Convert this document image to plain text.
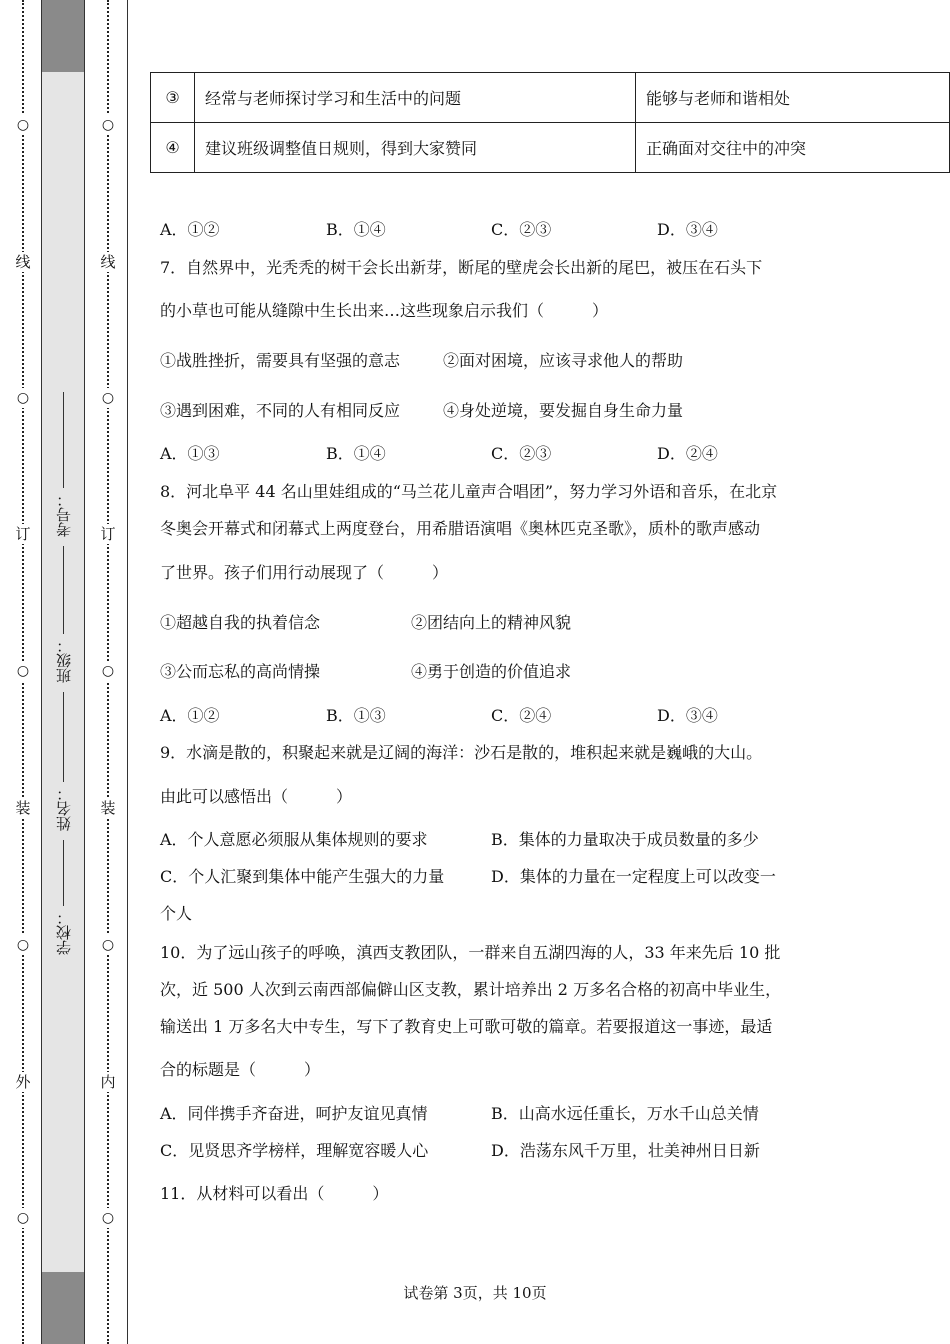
○
线
○
订
○
装
○
外
○
考号：
班级：
姓名：
学校：
○
线
○
订
○
装
○
内
○
③	经常与老师探讨学习和生活中的问题	能够与老师和谐相处
④	建议班级调整值日规则，得到大家赞同	正确面对交往中的冲突
A．①②	B．①④	C．②③	D．③④
7．自然界中，光秃秃的树干会长出新芽，断尾的壁虎会长出新的尾巴，被压在石头下
的小草也可能从缝隙中生长出来…这些现象启示我们（　　　）
①战胜挫折，需要具有坚强的意志	②面对困境，应该寻求他人的帮助
③遇到困难，不同的人有相同反应	④身处逆境，要发掘自身生命力量
A．①③	B．①④	C．②③	D．②④
8．河北阜平 44 名山里娃组成的“马兰花儿童声合唱团”，努力学习外语和音乐，在北京
冬奥会开幕式和闭幕式上两度登台，用希腊语演唱《奥林匹克圣歌》，质朴的歌声感动
了世界。孩子们用行动展现了（　　　）
①超越自我的执着信念	②团结向上的精神风貌
③公而忘私的高尚情操	④勇于创造的价值追求
A．①②	B．①③	C．②④	D．③④
9．水滴是散的，积聚起来就是辽阔的海洋：沙石是散的，堆积起来就是巍峨的大山。
由此可以感悟出（　　　）
A．个人意愿必须服从集体规则的要求	B．集体的力量取决于成员数量的多少
C．个人汇聚到集体中能产生强大的力量	D．集体的力量在一定程度上可以改变一
个人
10．为了远山孩子的呼唤，滇西支教团队，一群来自五湖四海的人，33 年来先后 10 批
次，近 500 人次到云南西部偏僻山区支教，累计培养出 2 万多名合格的初高中毕业生，
输送出 1 万多名大中专生，写下了教育史上可歌可敬的篇章。若要报道这一事迹，最适
合的标题是（　　　）
A．同伴携手齐奋进，呵护友谊见真情	B．山高水远任重长，万水千山总关情
C．见贤思齐学榜样，理解宽容暖人心	D．浩荡东风千万里，壮美神州日日新
11．从材料可以看出（　　　）
试卷第 3页，共 10页
